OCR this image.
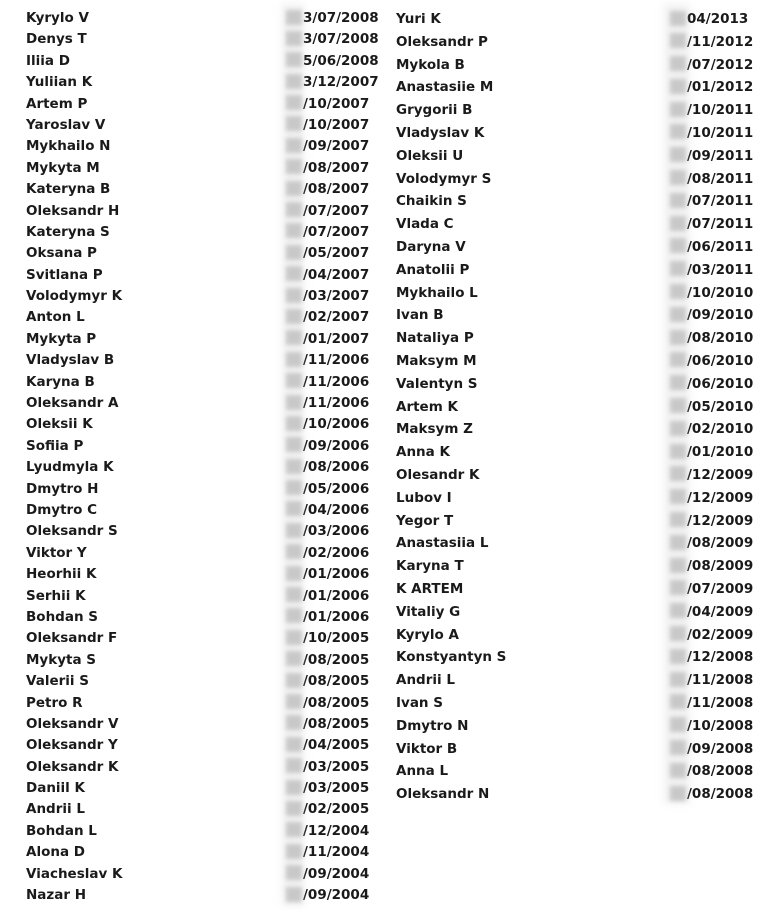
Kyrylo V	3/07/2008
Denys T	3/07/2008
Iliia D	5/06/2008
Yuliian K	3/12/2007
Artem P	/10/2007
Yaroslav V	/10/2007
Mykhailo N	/09/2007
Mykyta M	/08/2007
Kateryna B	/08/2007
Oleksandr H	/07/2007
Kateryna S	/07/2007
Oksana P	/05/2007
Svitlana P	/04/2007
Volodymyr K	/03/2007
Anton L	/02/2007
Mykyta P	/01/2007
Vladyslav B	/11/2006
Karyna B	/11/2006
Oleksandr A	/11/2006
Oleksii K	/10/2006
Sofiia P	/09/2006
Lyudmyla K	/08/2006
Dmytro H	/05/2006
Dmytro C	/04/2006
Oleksandr S	/03/2006
Viktor Y	/02/2006
Heorhii K	/01/2006
Serhii K	/01/2006
Bohdan S	/01/2006
Oleksandr F	/10/2005
Mykyta S	/08/2005
Valerii S	/08/2005
Petro R	/08/2005
Oleksandr V	/08/2005
Oleksandr Y	/04/2005
Oleksandr K	/03/2005
Daniil K	/03/2005
Andrii L	/02/2005
Bohdan L	/12/2004
Alona D	/11/2004
Viacheslav K	/09/2004
Nazar H	/09/2004
Yuri K	04/2013
Oleksandr P	/11/2012
Mykola B	/07/2012
Anastasiie M	/01/2012
Grygorii B	/10/2011
Vladyslav K	/10/2011
Oleksii U	/09/2011
Volodymyr S	/08/2011
Chaikin S	/07/2011
Vlada C	/07/2011
Daryna V	/06/2011
Anatolii P	/03/2011
Mykhailo L	/10/2010
Ivan B	/09/2010
Nataliya P	/08/2010
Maksym M	/06/2010
Valentyn S	/06/2010
Artem K	/05/2010
Maksym Z	/02/2010
Anna K	/01/2010
Olesandr K	/12/2009
Lubov I	/12/2009
Yegor T	/12/2009
Anastasiia L	/08/2009
Karyna T	/08/2009
K ARTEM	/07/2009
Vitaliy G	/04/2009
Kyrylo A	/02/2009
Konstyantyn S	/12/2008
Andrii L	/11/2008
Ivan S	/11/2008
Dmytro N	/10/2008
Viktor B	/09/2008
Anna L	/08/2008
Oleksandr N	/08/2008
